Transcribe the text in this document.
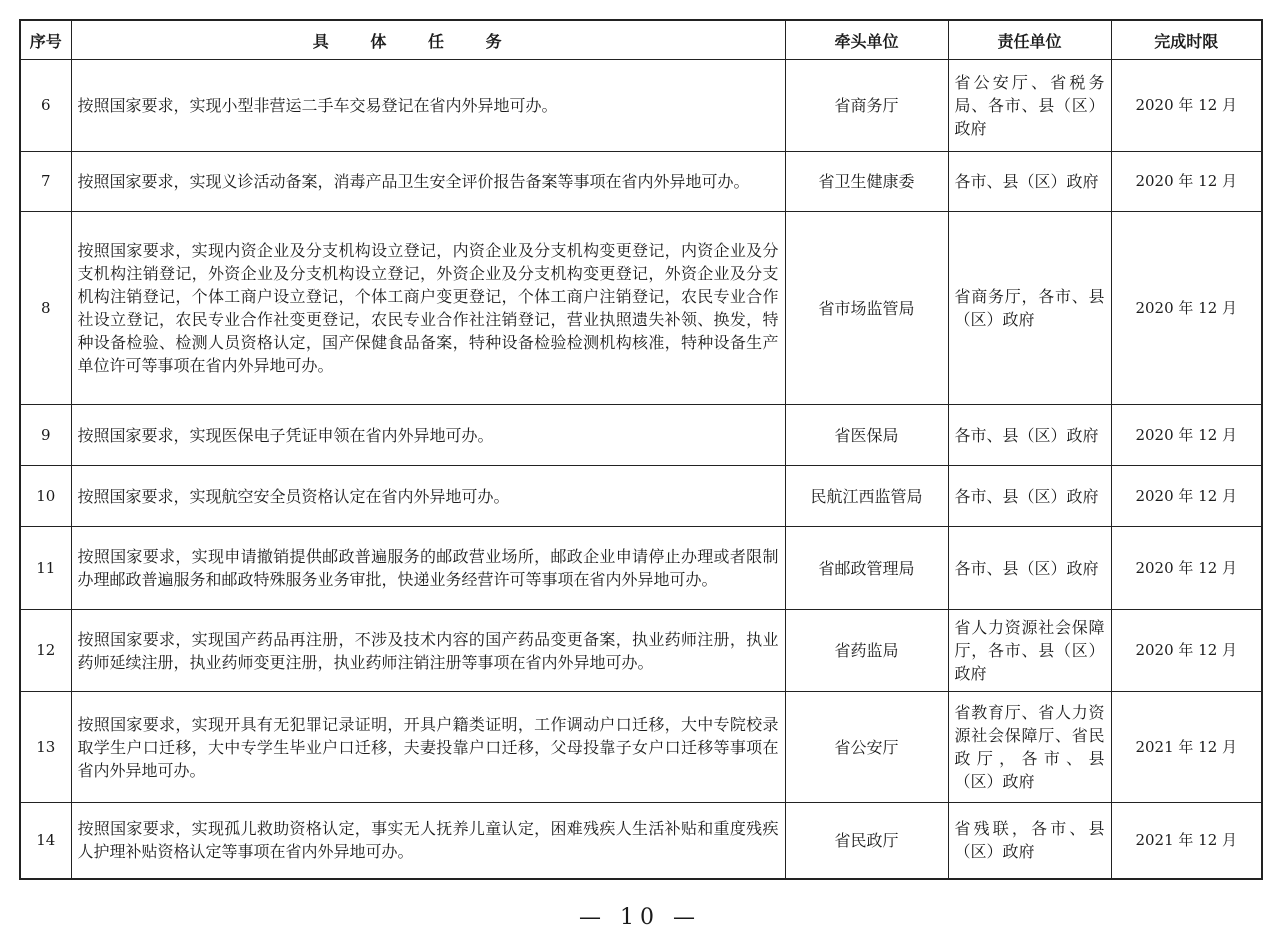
序号	具体任务	牵头单位	责任单位	完成时限
6	按照国家要求，实现小型非营运二手车交易登记在省内外异地可办。	省商务厅	省公安厅、省税务局、各市、县（区）政府	2020 年 12 月
7	按照国家要求，实现义诊活动备案，消毒产品卫生安全评价报告备案等事项在省内外异地可办。	省卫生健康委	各市、县（区）政府	2020 年 12 月
8	按照国家要求，实现内资企业及分支机构设立登记，内资企业及分支机构变更登记，内资企业及分支机构注销登记，外资企业及分支机构设立登记，外资企业及分支机构变更登记，外资企业及分支机构注销登记，个体工商户设立登记，个体工商户变更登记，个体工商户注销登记，农民专业合作社设立登记，农民专业合作社变更登记，农民专业合作社注销登记，营业执照遗失补领、换发，特种设备检验、检测人员资格认定，国产保健食品备案，特种设备检验检测机构核准，特种设备生产单位许可等事项在省内外异地可办。	省市场监管局	省商务厅，各市、县（区）政府	2020 年 12 月
9	按照国家要求，实现医保电子凭证申领在省内外异地可办。	省医保局	各市、县（区）政府	2020 年 12 月
10	按照国家要求，实现航空安全员资格认定在省内外异地可办。	民航江西监管局	各市、县（区）政府	2020 年 12 月
11	按照国家要求，实现申请撤销提供邮政普遍服务的邮政营业场所，邮政企业申请停止办理或者限制办理邮政普遍服务和邮政特殊服务业务审批，快递业务经营许可等事项在省内外异地可办。	省邮政管理局	各市、县（区）政府	2020 年 12 月
12	按照国家要求，实现国产药品再注册，不涉及技术内容的国产药品变更备案，执业药师注册，执业药师延续注册，执业药师变更注册，执业药师注销注册等事项在省内外异地可办。	省药监局	省人力资源社会保障厅，各市、县（区）政府	2020 年 12 月
13	按照国家要求，实现开具有无犯罪记录证明，开具户籍类证明，工作调动户口迁移，大中专院校录取学生户口迁移，大中专学生毕业户口迁移，夫妻投靠户口迁移，父母投靠子女户口迁移等事项在省内外异地可办。	省公安厅	省教育厅、省人力资源社会保障厅、省民政厅，各市、县（区）政府	2021 年 12 月
14	按照国家要求，实现孤儿救助资格认定，事实无人抚养儿童认定，困难残疾人生活补贴和重度残疾人护理补贴资格认定等事项在省内外异地可办。	省民政厅	省残联，各市、县（区）政府	2021 年 12 月
— 10 —
